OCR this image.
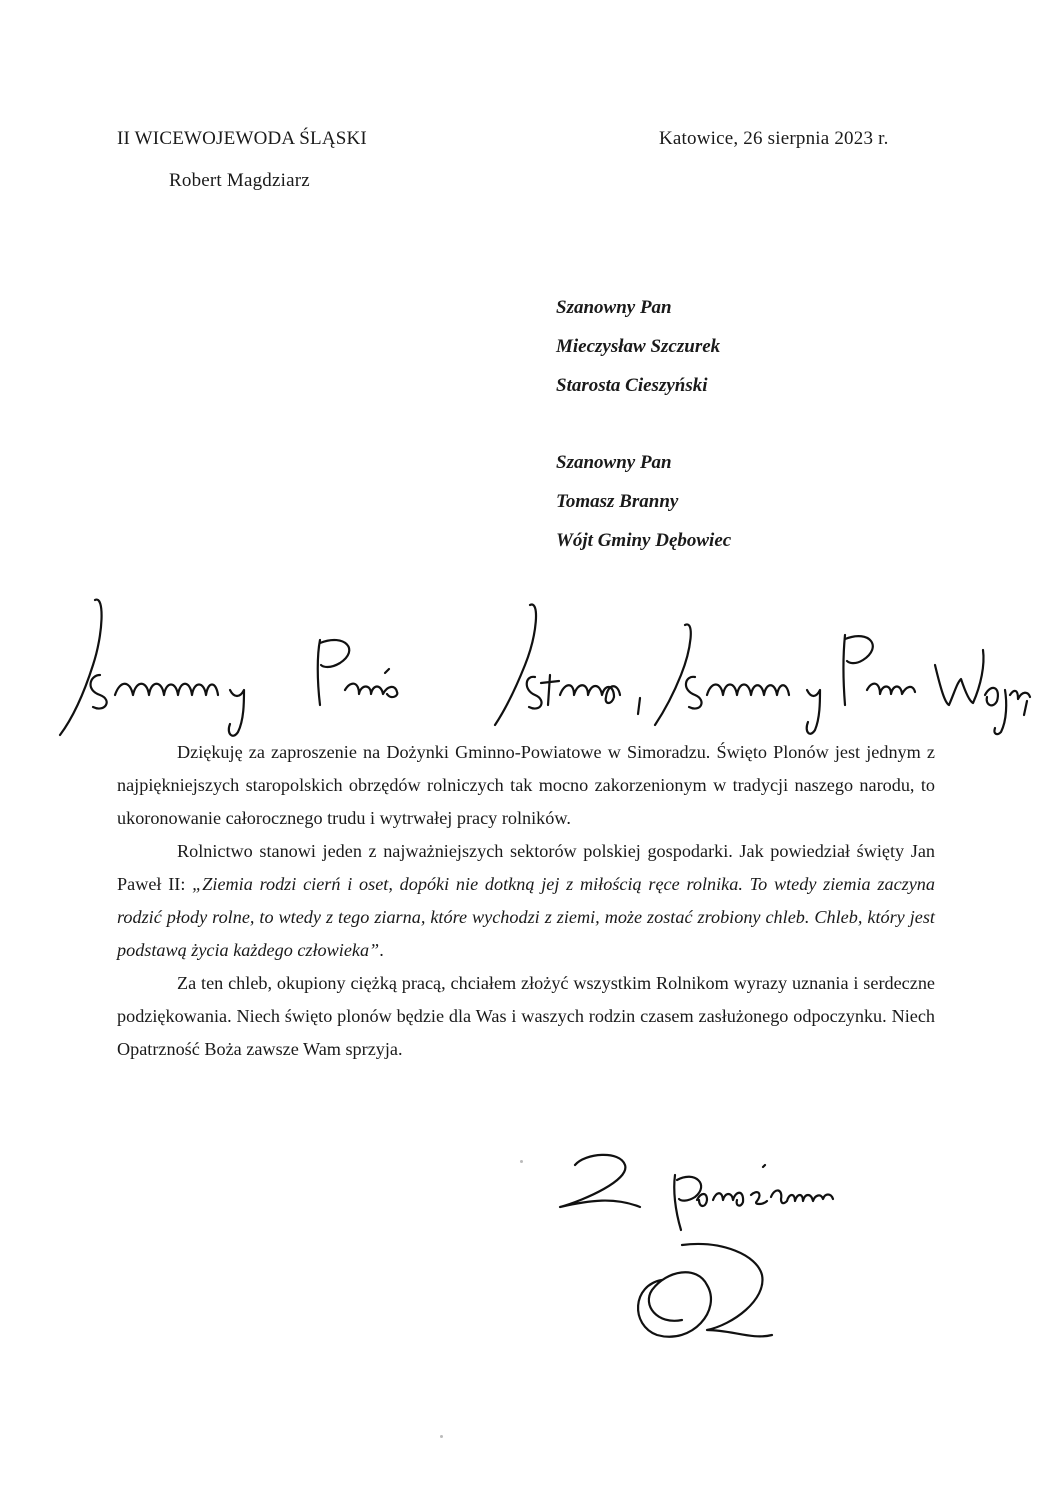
II WICEWOJEWODA ŚLĄSKI
Robert Magdziarz
Katowice, 26 sierpnia 2023 r.
Szanowny Pan
Mieczysław Szczurek
Starosta Cieszyński
Szanowny Pan
Tomasz Branny
Wójt Gminy Dębowiec

Dziękuję za zaproszenie na Dożynki Gminno-Powiatowe w Simoradzu. Święto Plonów jest jednym z najpiękniejszych staropolskich obrzędów rolniczych tak mocno zakorzenionym w tradycji naszego narodu, to ukoronowanie całorocznego trudu i wytrwałej pracy rolników.

Rolnictwo stanowi jeden z najważniejszych sektorów polskiej gospodarki. Jak powiedział święty Jan Paweł II: „Ziemia rodzi cierń i oset, dopóki nie dotkną jej z miłością ręce rolnika. To wtedy ziemia zaczyna rodzić płody rolne, to wtedy z tego ziarna, które wychodzi z ziemi, może zostać zrobiony chleb. Chleb, który jest podstawą życia każdego człowieka”.

Za ten chleb, okupiony ciężką pracą, chciałem złożyć wszystkim Rolnikom wyrazy uznania i serdeczne podziękowania. Niech święto plonów będzie dla Was i waszych rodzin czasem zasłużonego odpoczynku. Niech Opatrzność Boża zawsze Wam sprzyja.
